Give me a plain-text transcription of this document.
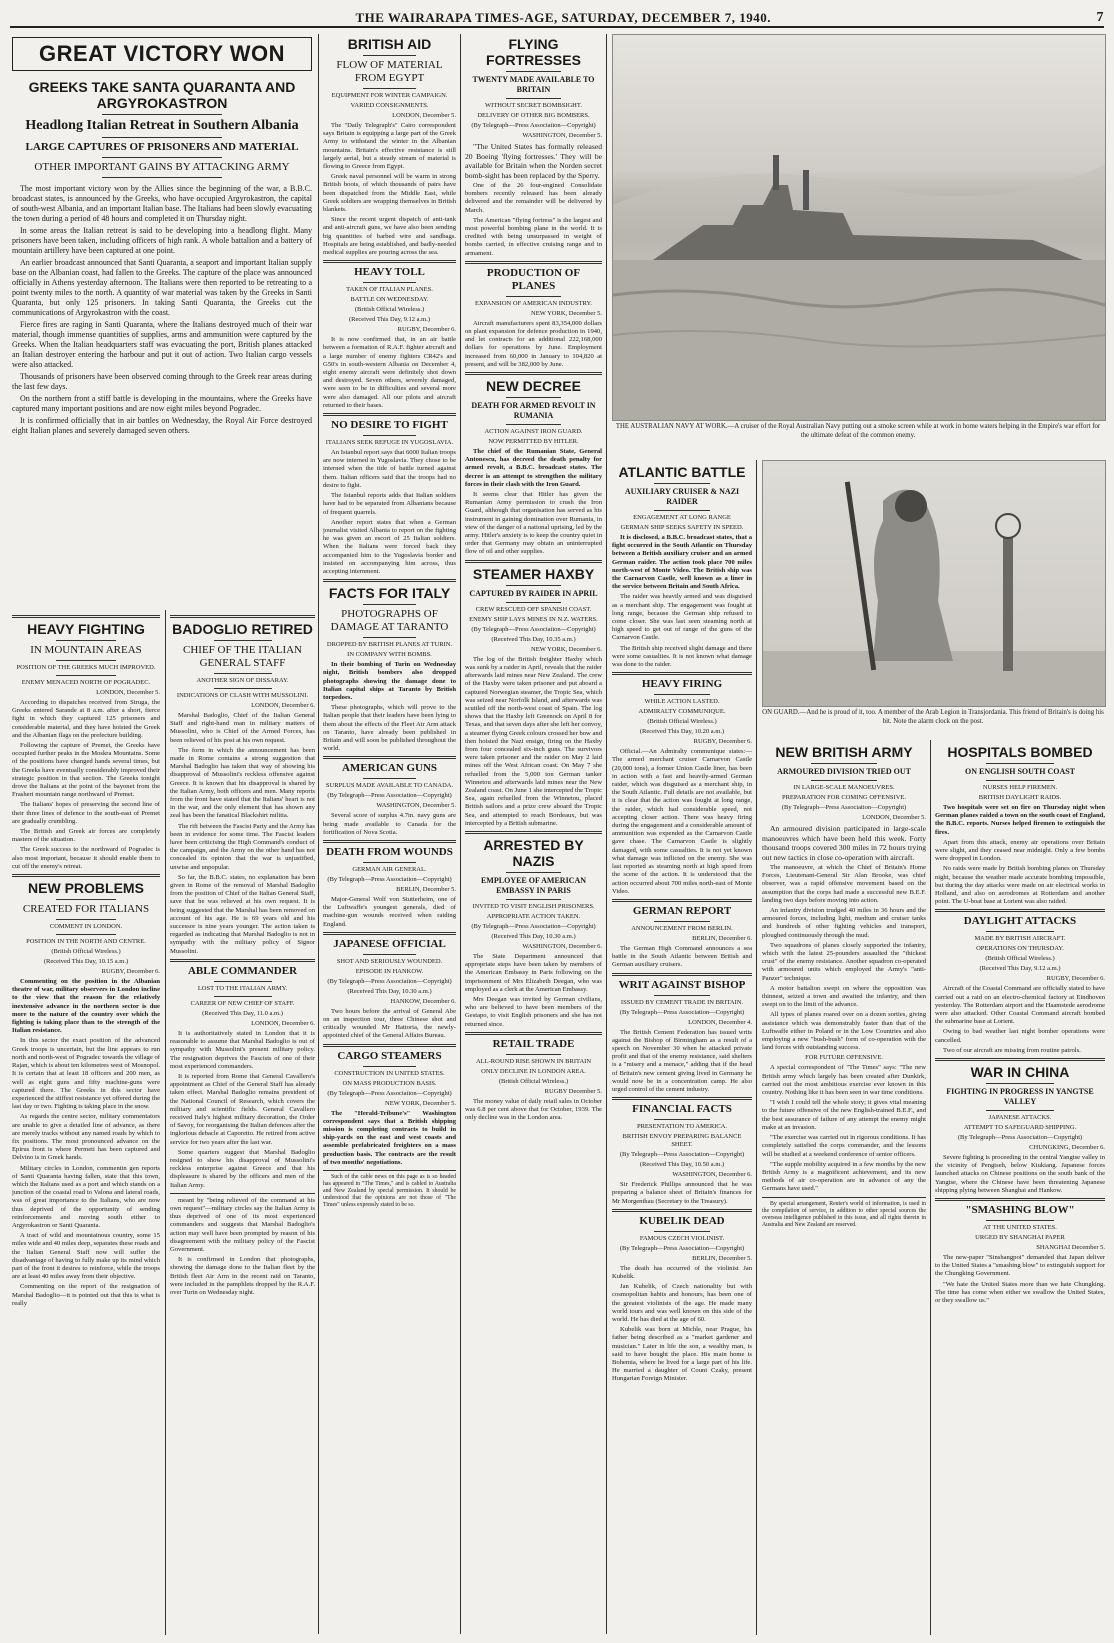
THE WAIRARAPA TIMES-AGE, SATURDAY, DECEMBER 7, 1940.	7
GREAT VICTORY WON
GREEKS TAKE SANTA QUARANTA AND ARGYROKASTRON
Headlong Italian Retreat in Southern Albania
LARGE CAPTURES OF PRISONERS AND MATERIAL
OTHER IMPORTANT GAINS BY ATTACKING ARMY

The most important victory won by the Allies since the beginning of the war, a B.B.C. broadcast states, is announced by the Greeks, who have occupied Argyrokastron, the capital of south-west Albania, and an important Italian base. The Italians had been slowly evacuating the town during a period of 48 hours and completed it on Thursday night.

In some areas the Italian retreat is said to be developing into a headlong flight. Many prisoners have been taken, including officers of high rank. A whole battalion and a battery of mountain artillery have been captured at one point.

An earlier broadcast announced that Santi Quaranta, a seaport and important Italian supply base on the Albanian coast, had fallen to the Greeks. The capture of the place was announced officially in Athens yesterday afternoon. The Italians were then reported to be retreating to a point twenty miles to the north. A quantity of war material was taken by the Greeks in Santi Quaranta, but only 125 prisoners. In taking Santi Quaranta, the Greeks cut the communications of Argyrokastron with the coast.

Fierce fires are raging in Santi Quaranta, where the Italians destroyed much of their war material, though immense quantities of supplies, arms and ammunition were captured by the Greeks. When the Italian headquarters staff was evacuating the port, British planes attacked an Italian destroyer entering the harbour and put it out of action. Two Italian cargo vessels were also attacked.

Thousands of prisoners have been observed coming through to the Greek rear areas during the last few days.

On the northern front a stiff battle is developing in the mountains, where the Greeks have captured many important positions and are now eight miles beyond Pogradec.

It is confirmed officially that in air battles on Wednesday, the Royal Air Force destroyed eight Italian planes and severely damaged seven others.

HEAVY FIGHTING
IN MOUNTAIN AREAS
POSITION OF THE GREEKS MUCH IMPROVED.
ENEMY MENACED NORTH OF POGRADEC.
LONDON, December 5.

According to dispatches received from Struga, the Greeks entered Sarande at 8 a.m. after a short, fierce fight in which they captured 125 prisoners and considerable material, and they have hoisted the Greek and the Albanian flags on the prefecture building.

Following the capture of Premet, the Greeks have occupied further peaks in the Moskra Mountains. Some of the positions have changed hands several times, but the Greeks have eventually considerably improved their strategic position in that section. The Greeks tonight drove the Italians at the point of the bayonet from the Frasheri mountain range northward of Premet.

The Italians' hopes of preserving the second line of their three lines of defence to the south-east of Premet are gradually crumbling.

The British and Greek air forces are completely masters of the situation.

The Greek success to the northward of Pogradec is also most important, because it should enable them to cut off the enemy's retreat.

NEW PROBLEMS
CREATED FOR ITALIANS
COMMENT IN LONDON.
POSITION IN THE NORTH AND CENTRE.
(British Official Wireless.)
(Received This Day, 10.15 a.m.)
RUGBY, December 6.

Commenting on the position in the Albanian theatre of war, military observers in London incline to the view that the reason for the relatively inextensive advance in the northern sector is due more to the nature of the country over which the fighting is taking place than to the strength of the Italian resistance.

In this sector the exact position of the advanced Greek troops is uncertain, but the line appears to run north and north-west of Pogradec towards the village of Rajan, which is about ten kilometres west of Mosnopol. It is certain that at least 18 officers and 200 men, as well as eight guns and fifty machine-guns were captured there. The Greeks in this sector have experienced the stiffest resistance yet offered during the last day or two. Fighting is taking place in the snow.

As regards the centre sector, military commentators are unable to give a detailed line of advance, as there are merely tracks without any named roads by which to fix positions. The most pronounced advance on the Epirus front is where Permeti has been captured and Delvino is in Greek hands.

Military circles in London, commentin gen reports of Santi Quaranta having fallen, state that this town, which the Italians used as a port and which stands on a junction of the coastal road to Valona and lateral roads, was of great importance to the Italians, who are now thus deprived of the opportunity of sending reinforcements and moving south either to Argyrokastron or Santi Quaranta.

A tract of wild and mountainous country, some 15 miles wide and 40 miles deep, separates these roads and the Italian General Staff now will suffer the disadvantage of having to fully make up its mind which part of the front it desires to reinforce, while the troops are at least 40 miles away from their objective.

Commenting on the report of the resignation of Marshal Badoglio—it is pointed out that this is what is really

BADOGLIO RETIRED
CHIEF OF THE ITALIAN GENERAL STAFF
ANOTHER SIGN OF DISSARAY.
INDICATIONS OF CLASH WITH MUSSOLINI.
LONDON, December 6.

Marshal Badoglio, Chief of the Italian General Staff and right-hand man in military matters of Mussolini, who is Chief of the Armed Forces, has been relieved of his post at his own request.

The form in which the announcement has been made in Rome contains a strong suggestion that Marshal Badoglio has taken that way of showing his disapproval of Mussolini's reckless offensive against Greece. It is known that his disapproval is shared by the Italian Army, both officers and men. Many reports from the front have stated that the Italians' heart is not in the war, and the only element that has shown any zeal has been the fanatical Blackshirt militia.

The rift between the Fascist Party and the Army has been in evidence for some time. The Fascist leaders have been criticising the High Command's conduct of the campaign, and the Army on the other hand has not concealed its opinion that the war is unjustified, unwise and unpopular.

So far, the B.B.C. states, no explanation has been given in Rome of the removal of Marshal Badoglio from the position of Chief of the Italian General Staff, save that he was relieved at his own request. It is being suggested that the Marshal has been removed on account of his age. He is 69 years old and his successor is nine years younger. The action taken is regarded as indicating that Marshal Badoglio is not in sympathy with the military policy of Signor Mussolini.

ABLE COMMANDER
LOST TO THE ITALIAN ARMY.
CAREER OF NEW CHIEF OF STAFF.
(Received This Day, 11.0 a.m.)
LONDON, December 6.

It is authoritatively stated in London that it is reasonable to assume that Marshal Badoglio is out of sympathy with Mussolini's present military policy. The resignation deprives the Fascists of one of their most experienced commanders.

It is reported from Rome that General Cavallero's appointment as Chief of the General Staff has already taken effect. Marshal Badoglio remains president of the National Council of Research, which covers the military and scientific fields. General Cavallero received Italy's highest military decoration, the Order of Savoy, for reorganising the Italian defences after the inglorious debacle at Caporetto. He retired from active service for two years after the last war.

Some quarters suggest that Marshal Badoglio resigned to show his disapproval of Mussolini's reckless enterprise against Greece and that his displeasure is shared by the officers and men of the Italian Army.

meant by "being relieved of the command at his own request"—military circles say the Italian Army is thus deprived of one of its most experienced commanders and suggests that Marshal Badoglio's action may well have been prompted by reason of his disagreement with the military policy of the Fascist Government.

It is confirmed in London that photographs, showing the damage done to the Italian fleet by the British fleet Air Arm in the recent raid on Taranto, were included in the pamphlets dropped by the R.A.F. over Turin on Wednesday night.

BRITISH AID
FLOW OF MATERIAL FROM EGYPT
EQUIPMENT FOR WINTER CAMPAIGN.
VARIED CONSIGNMENTS.
LONDON, December 5.

The "Daily Telegraph's" Cairo correspondent says Britain is equipping a large part of the Greek Army to withstand the winter in the Albanian mountains. Britain's effective resistance is still largely aerial, but a steady stream of material is flowing to Greece from Egypt.

Greek naval personnel will be warm in strong British boots, of which thousands of pairs have been dispatched from the Middle East, while Greek soldiers are wrapping themselves in British blankets.

Since the recent urgent dispatch of anti-tank and anti-aircraft guns, we have also been sending big quantities of barbed wire and sandbags. Hospitals are being established, and badly-needed medical supplies are pouring across the sea.

HEAVY TOLL
TAKEN OF ITALIAN PLANES.
BATTLE ON WEDNESDAY.
(British Official Wireless.)
(Received This Day, 9.12 a.m.)
RUGBY, December 6.

It is now confirmed that, in an air battle between a formation of R.A.F. fighter aircraft and a large number of enemy fighters CR42's and G50's in south-western Albania on December 4, eight enemy aircraft were definitely shot down and destroyed. Seven others, severely damaged, were seen to be in difficulties and several more were also damaged. All our pilots and aircraft returned to their bases.

NO DESIRE TO FIGHT
ITALIANS SEEK REFUGE IN YUGOSLAVIA.

An Istanbul report says that 6000 Italian troops are now interned in Yugoslavia. They chose to be interned when the tide of battle turned against them. Italian officers said that the troops had no desire to fight.

The Istanbul reports adds that Italian soldiers have had to be separated from Albanians because of frequent quarrels.

Another report states that when a German journalist visited Albania to report on the fighting he was given an escort of 25 Italian soldiers. When the Italians were forced back they accompanied him to the Yugoslavia border and insisted on accompanying him across, thus accepting internment.

FACTS FOR ITALY
PHOTOGRAPHS OF DAMAGE AT TARANTO
DROPPED BY BRITISH PLANES AT TURIN.
IN COMPANY WITH BOMBS.

In their bombing of Turin on Wednesday night, British bombers also dropped photographs showing the damage done to Italian capital ships at Taranto by British torpedoes.

These photographs, which will prove to the Italian people that their leaders have been lying to them about the effects of the Fleet Air Arm attack on Taranto, have already been published in Britain and will soon be published throughout the world.

AMERICAN GUNS
SURPLUS MADE AVAILABLE TO CANADA.
(By Telegraph—Press Association—Copyright)
WASHINGTON, December 5.

Several score of surplus 4.7in. navy guns are being made available to Canada for the fortification of Nova Scotia.

DEATH FROM WOUNDS
GERMAN AIR GENERAL.
(By Telegraph—Press Association—Copyright)
BERLIN, December 5.

Major-General Wolf von Stutterheim, one of the Luftwaffe's youngest generals, died of machine-gun wounds received when raiding England.

JAPANESE OFFICIAL
SHOT AND SERIOUSLY WOUNDED.
EPISODE IN HANKOW.
(By Telegraph—Press Association—Copyright)
(Received This Day, 10.30 a.m.)
HANKOW, December 6.

Two hours before the arrival of General Abe on an inspection tour, three Chinese shot and critically wounded Mr Hattoria, the newly-appointed chief of the General Affairs Bureau.

CARGO STEAMERS
CONSTRUCTION IN UNITED STATES.
ON MASS PRODUCTION BASIS.
(By Telegraph—Press Association—Copyright)
NEW YORK, December 5.

The "Herald-Tribune's" Washington correspondent says that a British shipping mission is completing contracts to build in ship-yards on the east and west coasts and assemble prefabricated freighters on a mass production basis. The contracts are the result of two months' negotiations.

Such of the cable news on this page as is so headed has appeared in "The Times," and is cabled to Australia and New Zealand by special permission. It should be understood that the opinions are not those of "The Times" unless expressly stated to be so.

FLYING FORTRESSES
TWENTY MADE AVAILABLE TO BRITAIN
WITHOUT SECRET BOMBSIGHT.
DELIVERY OF OTHER BIG BOMBERS.
(By Telegraph—Press Association—Copyright)
WASHINGTON, December 5.

"The United States has formally released 20 Boeing 'flying fortresses.' They will be available for Britain when the Norden secret bomb-sight has been replaced by the Sperry.

One of the 26 four-engined Consolidate bombers recently released has been already delivered and the remainder will be delivered by March.

The American "flying fortress" is the largest and most powerful bombing plane in the world. It is credited with being unsurpassed in weight of bombs carried, in effective cruising range and in armament.

PRODUCTION OF PLANES
EXPANSION OF AMERICAN INDUSTRY.
NEW YORK, December 5.

Aircraft manufacturers spent 83,354,000 dollars on plant expansion for defence production in 1940, and let contracts for an additional 222,168,000 dollars for operations by June. Employment increased from 60,000 in January to 104,820 at present, and will be 382,000 by June.

NEW DECREE
DEATH FOR ARMED REVOLT IN RUMANIA
ACTION AGAINST IRON GUARD.
NOW PERMITTED BY HITLER.

The chief of the Rumanian State, General Antonescu, has decreed the death penalty for armed revolt, a B.B.C. broadcast states. The decree is an attempt to strengthen the military forces in their clash with the Iron Guard.

It seems clear that Hitler has given the Rumanian Army permission to crush the Iron Guard, although that organisation has served as his instrument in gaining domination over Rumania, in view of the danger of a national uprising, led by the army. Hitler's anxiety is to keep the country quiet in order that Germany may obtain an uninterrupted flow of oil and other supplies.

STEAMER HAXBY
CAPTURED BY RAIDER IN APRIL
CREW RESCUED OFF SPANISH COAST.
ENEMY SHIP LAYS MINES IN N.Z. WATERS.
(By Telegraph—Press Association—Copyright)
(Received This Day, 10.35 a.m.)
NEW YORK, December 6.

The log of the British freighter Haxby which was sunk by a raider in April, reveals that the raider afterwards laid mines near New Zealand. The crew of the Haxby were taken prisoner and put aboard a captured Norwegian steamer, the Tropic Sea, which was seized near Norfolk Island, and afterwards was scuttled off the north-west coast of Spain. The log shows that the Haxby left Greenock on April 8 for Texas, and that seven days after she left her convoy, a steamer flying Greek colours crossed her bow and then hoisted the Nazi ensign, firing on the Haxby from four concealed six-inch guns. The survivors were taken prisoner and the raider on May 2 laid mines off the West African coast. On May 7 she refuelled from the 5,000 ton German tanker Winnetou and afterwards laid mines near the New Zealand coast. On June 1 she intercepted the Tropic Sea, again refuelled from the Winnetou, placed British sailors and a prize crew aboard the Tropic Sea, and attempted to reach Bordeaux, but was intercepted by a British submarine.

ARRESTED BY NAZIS
EMPLOYEE OF AMERICAN EMBASSY IN PARIS
INVITED TO VISIT ENGLISH PRISONERS.
APPROPRIATE ACTION TAKEN.
(By Telegraph—Press Association—Copyright)
(Received This Day, 10.30 a.m.)
WASHINGTON, December 6.

The State Department announced that appropriate steps have been taken by members of the American Embassy in Paris following on the imprisonment of Mrs Elizabeth Deegan, who was employed as a clerk at the American Embassy.

Mrs Deegan was invited by German civilians, who are believed to have been members of the Gestapo, to visit English prisoners and she has not returned since.

RETAIL TRADE
ALL-ROUND RISE SHOWN IN BRITAIN
ONLY DECLINE IN LONDON AREA.
(British Official Wireless.)
RUGBY December 5.

The money value of daily retail sales in October was 6.8 per cent above that for October, 1939. The only decline was in the London area.

THE AUSTRALIAN NAVY AT WORK.—A cruiser of the Royal Australian Navy putting out a smoke screen while at work in home waters helping in the Empire's war effort for the ultimate defeat of the common enemy.
ATLANTIC BATTLE
AUXILIARY CRUISER & NAZI RAIDER
ENGAGEMENT AT LONG RANGE
GERMAN SHIP SEEKS SAFETY IN SPEED.

It is disclosed, a B.B.C. broadcast states, that a fight occurred in the South Atlantic on Thursday between a British auxiliary cruiser and an armed German raider. The action took place 700 miles north-west of Monte Video. The British ship was the Carnarvon Castle, well known as a liner in the service between Britain and South Africa.

The raider was heavily armed and was disguised as a merchant ship. The engagement was fought at long range, because the German ship refused to come closer. She was last seen steaming north at high speed to get out of range of the guns of the Carnarvon Castle.

The British ship received slight damage and there were some casualties. It is not known what damage was done to the raider.

HEAVY FIRING
WHILE ACTION LASTED.
ADMIRALTY COMMUNIQUE.
(British Official Wireless.)
(Received This Day, 10.20 a.m.)
RUGBY, December 6.

Official.—An Admiralty communique states:—The armed merchant cruiser Carnarvon Castle (20,000 tons), a former Union Castle liner, has been in action with a fast and heavily-armed German raider, which was disguised as a merchant ship, in the South Atlantic. Full details are not available, but it is clear that the action was fought at long range, the raider, which had considerable speed, not accepting closer action. There was heavy firing during the engagement and a considerable amount of ammunition was expended as the Carnarvon Castle gave chase. The Carnarvon Castle is slightly damaged, with some casualties. It is not yet known what damage was inflicted on the enemy. She was last reported as steaming north at high speed from the scene of the action. It is understood that the action occurred about 700 miles north-east of Monte Video.

GERMAN REPORT
ANNOUNCEMENT FROM BERLIN.
BERLIN, December 6.

The German High Command announces a sea battle in the South Atlantic between British and German auxiliary cruisers.

WRIT AGAINST BISHOP
ISSUED BY CEMENT TRADE IN BRITAIN.
(By Telegraph—Press Association—Copyright)
LONDON, December 4.

The British Cement Federation has issued writs against the Bishop of Birmingham as a result of a speech on November 30 when he attacked private profit and that of the enemy resistance, said shelters is a "misery and a menace," adding that if the head of Britain's new cement giving lived in Germany he would now be in a concentration camp. He also urged control of the cement industry.

FINANCIAL FACTS
PRESENTATION TO AMERICA.
BRITISH ENVOY PREPARING BALANCE SHEET.
(By Telegraph—Press Association—Copyright)
(Received This Day, 10.50 a.m.)
WASHINGTON, December 6.

Sir Frederick Phillips announced that he was preparing a balance sheet of Britain's finances for Mr Morgenthau (Secretary to the Treasury).

KUBELIK DEAD
FAMOUS CZECH VIOLINIST.
(By Telegraph—Press Association—Copyright)
BERLIN, December 5.

The death has occurred of the violinist Jan Kubelik.

Jan Kubelik, of Czech nationality but with cosmopolitan habits and honours, has been one of the greatest violinists of the age. He made many world tours and was well known on this side of the world. He has died at the age of 60.

Kubelik was born at Michle, near Prague, his father being described as a "market gardener and musician." Later in life the son, a wealthy man, is said to have bought the place. His main home is Bohemia, where he lived for a large part of his life. He married a daughter of Count Czaky, present Hungarian Foreign Minister.

ON GUARD.—And he is proud of it, too. A member of the Arab Legion in Transjordania. This friend of Britain's is doing his bit. Note the alarm clock on the post.
NEW BRITISH ARMY
ARMOURED DIVISION TRIED OUT
IN LARGE-SCALE MANOEUVRES.
PREPARATION FOR COMING OFFENSIVE.
(By Telegraph—Press Association—Copyright)
LONDON, December 5.

An armoured division participated in large-scale manoeuvres which have been held this week. Forty thousand troops covered 300 miles in 72 hours trying out new tactics in close co-operation with aircraft.

The manoeuvre, at which the Chief of Britain's Home Forces, Lieutenant-General Sir Alan Brooke, was chief observer, was a rapid offensive movement based on the assumption that the corps had made a successful new B.E.F. landing two days before moving into action.

An infantry division trudged 40 miles in 36 hours and the armoured forces, including light, medium and cruiser tanks and hundreds of other fighting vehicles and transport, ploughed continuously through the mud.

Two squadrons of planes closely supported the infantry, which with the latest 25-pounders assaulted the "thickest crust" of the enemy resistance. Another squadron co-operated with armoured units which employed the Army's "anti-Panzer" technique.

A motor battalion swept on where the opposition was thinnest, seized a town and awaited the infantry, and then swept on to the limit of the advance.

All types of planes roared over on a dozen sorties, giving assistance which was demonstrably faster than that of the Luftwaffe either in Poland or in the Low Countries and also employing a new "bush-bush" form of co-operation with the land forces with outstanding success.

FOR FUTURE OFFENSIVE.

A special correspondent of "The Times" says: "The new British army which largely has been created after Dunkirk, carried out the most ambitious exercise ever known in this country. Nothing like it has been seen in war time conditions.

"I wish I could tell the whole story; it gives vital meaning to the future offensive of the new English-trained B.E.F., and the best assurance of failure of any attempt the enemy might make at an invasion.

"The exercise was carried out in rigorous conditions. It has completely satisfied the corps commander, and the lessons will be studied at a weekend conference of senior officers.

"The supple mobility acquired in a few months by the new British Army is a magnificent achievement, and its new methods of air co-operation are in advance of any the Germans have used."

By special arrangement, Reuter's world of information, is used in the compilation of service, in addition to other special sources the overseas intelligence published in this issue, and all rights therein in Australia and New Zealand are reserved.

HOSPITALS BOMBED
ON ENGLISH SOUTH COAST
NURSES HELP FIREMEN.
BRITISH DAYLIGHT RAIDS.

Two hospitals were set on fire on Thursday night when German planes raided a town on the south coast of England, the B.B.C. reports. Nurses helped firemen to extinguish the fires.

Apart from this attack, enemy air operations over Britain were slight, and they ceased near midnight. Only a few bombs were dropped in London.

No raids were made by British bombing planes on Thursday night, because the weather made accurate bombing impossible, but during the day attacks were made on air electrical works in Holland, and also on aerodromes at Rotterdam and another point. The U-boat base at Lorient was also raided.

DAYLIGHT ATTACKS
MADE BY BRITISH AIRCRAFT.
OPERATIONS ON THURSDAY.
(British Official Wireless.)
(Received This Day, 9.12 a.m.)
RUGBY, December 6.

Aircraft of the Coastal Command are officially stated to have carried out a raid on an electro-chemical factory at Eindhoven yesterday. The Rotterdam airport and the Haamstede aerodrome were also attacked. Other Coastal Command aircraft bombed the submarine base at Lorient.

Owing to bad weather last night bomber operations were cancelled.

Two of our aircraft are missing from routine patrols.

WAR IN CHINA
FIGHTING IN PROGRESS IN YANGTSE VALLEY
JAPANESE ATTACKS.
ATTEMPT TO SAFEGUARD SHIPPING.
(By Telegraph—Press Association—Copyright)
CHUNGKING, December 6.

Severe fighting is proceeding in the central Yangtse valley in the vicinity of Pengtseh, below Kiukiang. Japanese forces launched attacks on Chinese positions on the south bank of the Yangtse, where the Chinese have been threatening Japanese shipping plying between Shanghai and Hankow.

"SMASHING BLOW"
AT THE UNITED STATES.
URGED BY SHANGHAI PAPER
SHANGHAI December 5.

The new-paper "Sinshangpoi" demanded that Japan deliver to the United States a "smashing blow" to extinguish support for the Chungking Government.

"We hate the United States more than we hate Chungking. The time has come when either we swallow the United States, or they swallow us."
